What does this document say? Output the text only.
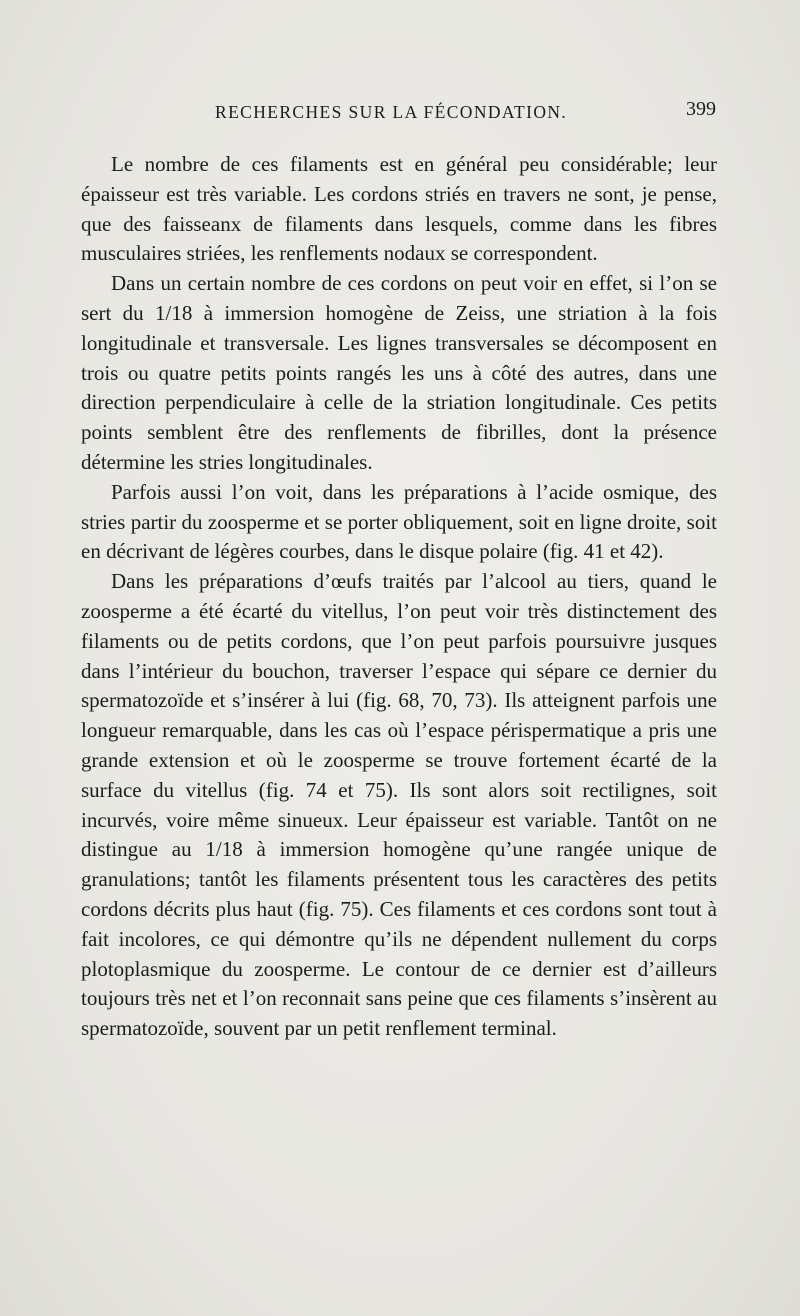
RECHERCHES SUR LA FÉCONDATION.	399

Le nombre de ces filaments est en général peu considérable; leur épaisseur est très variable. Les cordons striés en travers ne sont, je pense, que des faisseanx de filaments dans lesquels, comme dans les fibres musculaires striées, les renflements nodaux se correspondent.

Dans un certain nombre de ces cordons on peut voir en effet, si l’on se sert du 1/18 à immersion homogène de Zeiss, une striation à la fois longitudinale et transversale. Les lignes transversales se décomposent en trois ou quatre petits points rangés les uns à côté des autres, dans une direction perpendiculaire à celle de la striation longitudinale. Ces petits points semblent être des renflements de fibrilles, dont la présence détermine les stries longitudinales.

Parfois aussi l’on voit, dans les préparations à l’acide osmique, des stries partir du zoosperme et se porter obliquement, soit en ligne droite, soit en décrivant de légères courbes, dans le disque polaire (fig. 41 et 42).

Dans les préparations d’œufs traités par l’alcool au tiers, quand le zoosperme a été écarté du vitellus, l’on peut voir très distinctement des filaments ou de petits cordons, que l’on peut parfois poursuivre jusques dans l’intérieur du bouchon, traverser l’espace qui sépare ce dernier du spermatozoïde et s’insérer à lui (fig. 68, 70, 73). Ils atteignent parfois une longueur remarquable, dans les cas où l’espace périspermatique a pris une grande extension et où le zoosperme se trouve fortement écarté de la surface du vitellus (fig. 74 et 75). Ils sont alors soit rectilignes, soit incurvés, voire même sinueux. Leur épaisseur est variable. Tantôt on ne distingue au 1/18 à immersion homogène qu’une rangée unique de granulations; tantôt les filaments présentent tous les caractères des petits cordons décrits plus haut (fig. 75). Ces filaments et ces cordons sont tout à fait incolores, ce qui démontre qu’ils ne dépendent nullement du corps plotoplasmique du zoosperme. Le contour de ce dernier est d’ailleurs toujours très net et l’on reconnait sans peine que ces filaments s’insèrent au spermatozoïde, souvent par un petit renflement terminal.
